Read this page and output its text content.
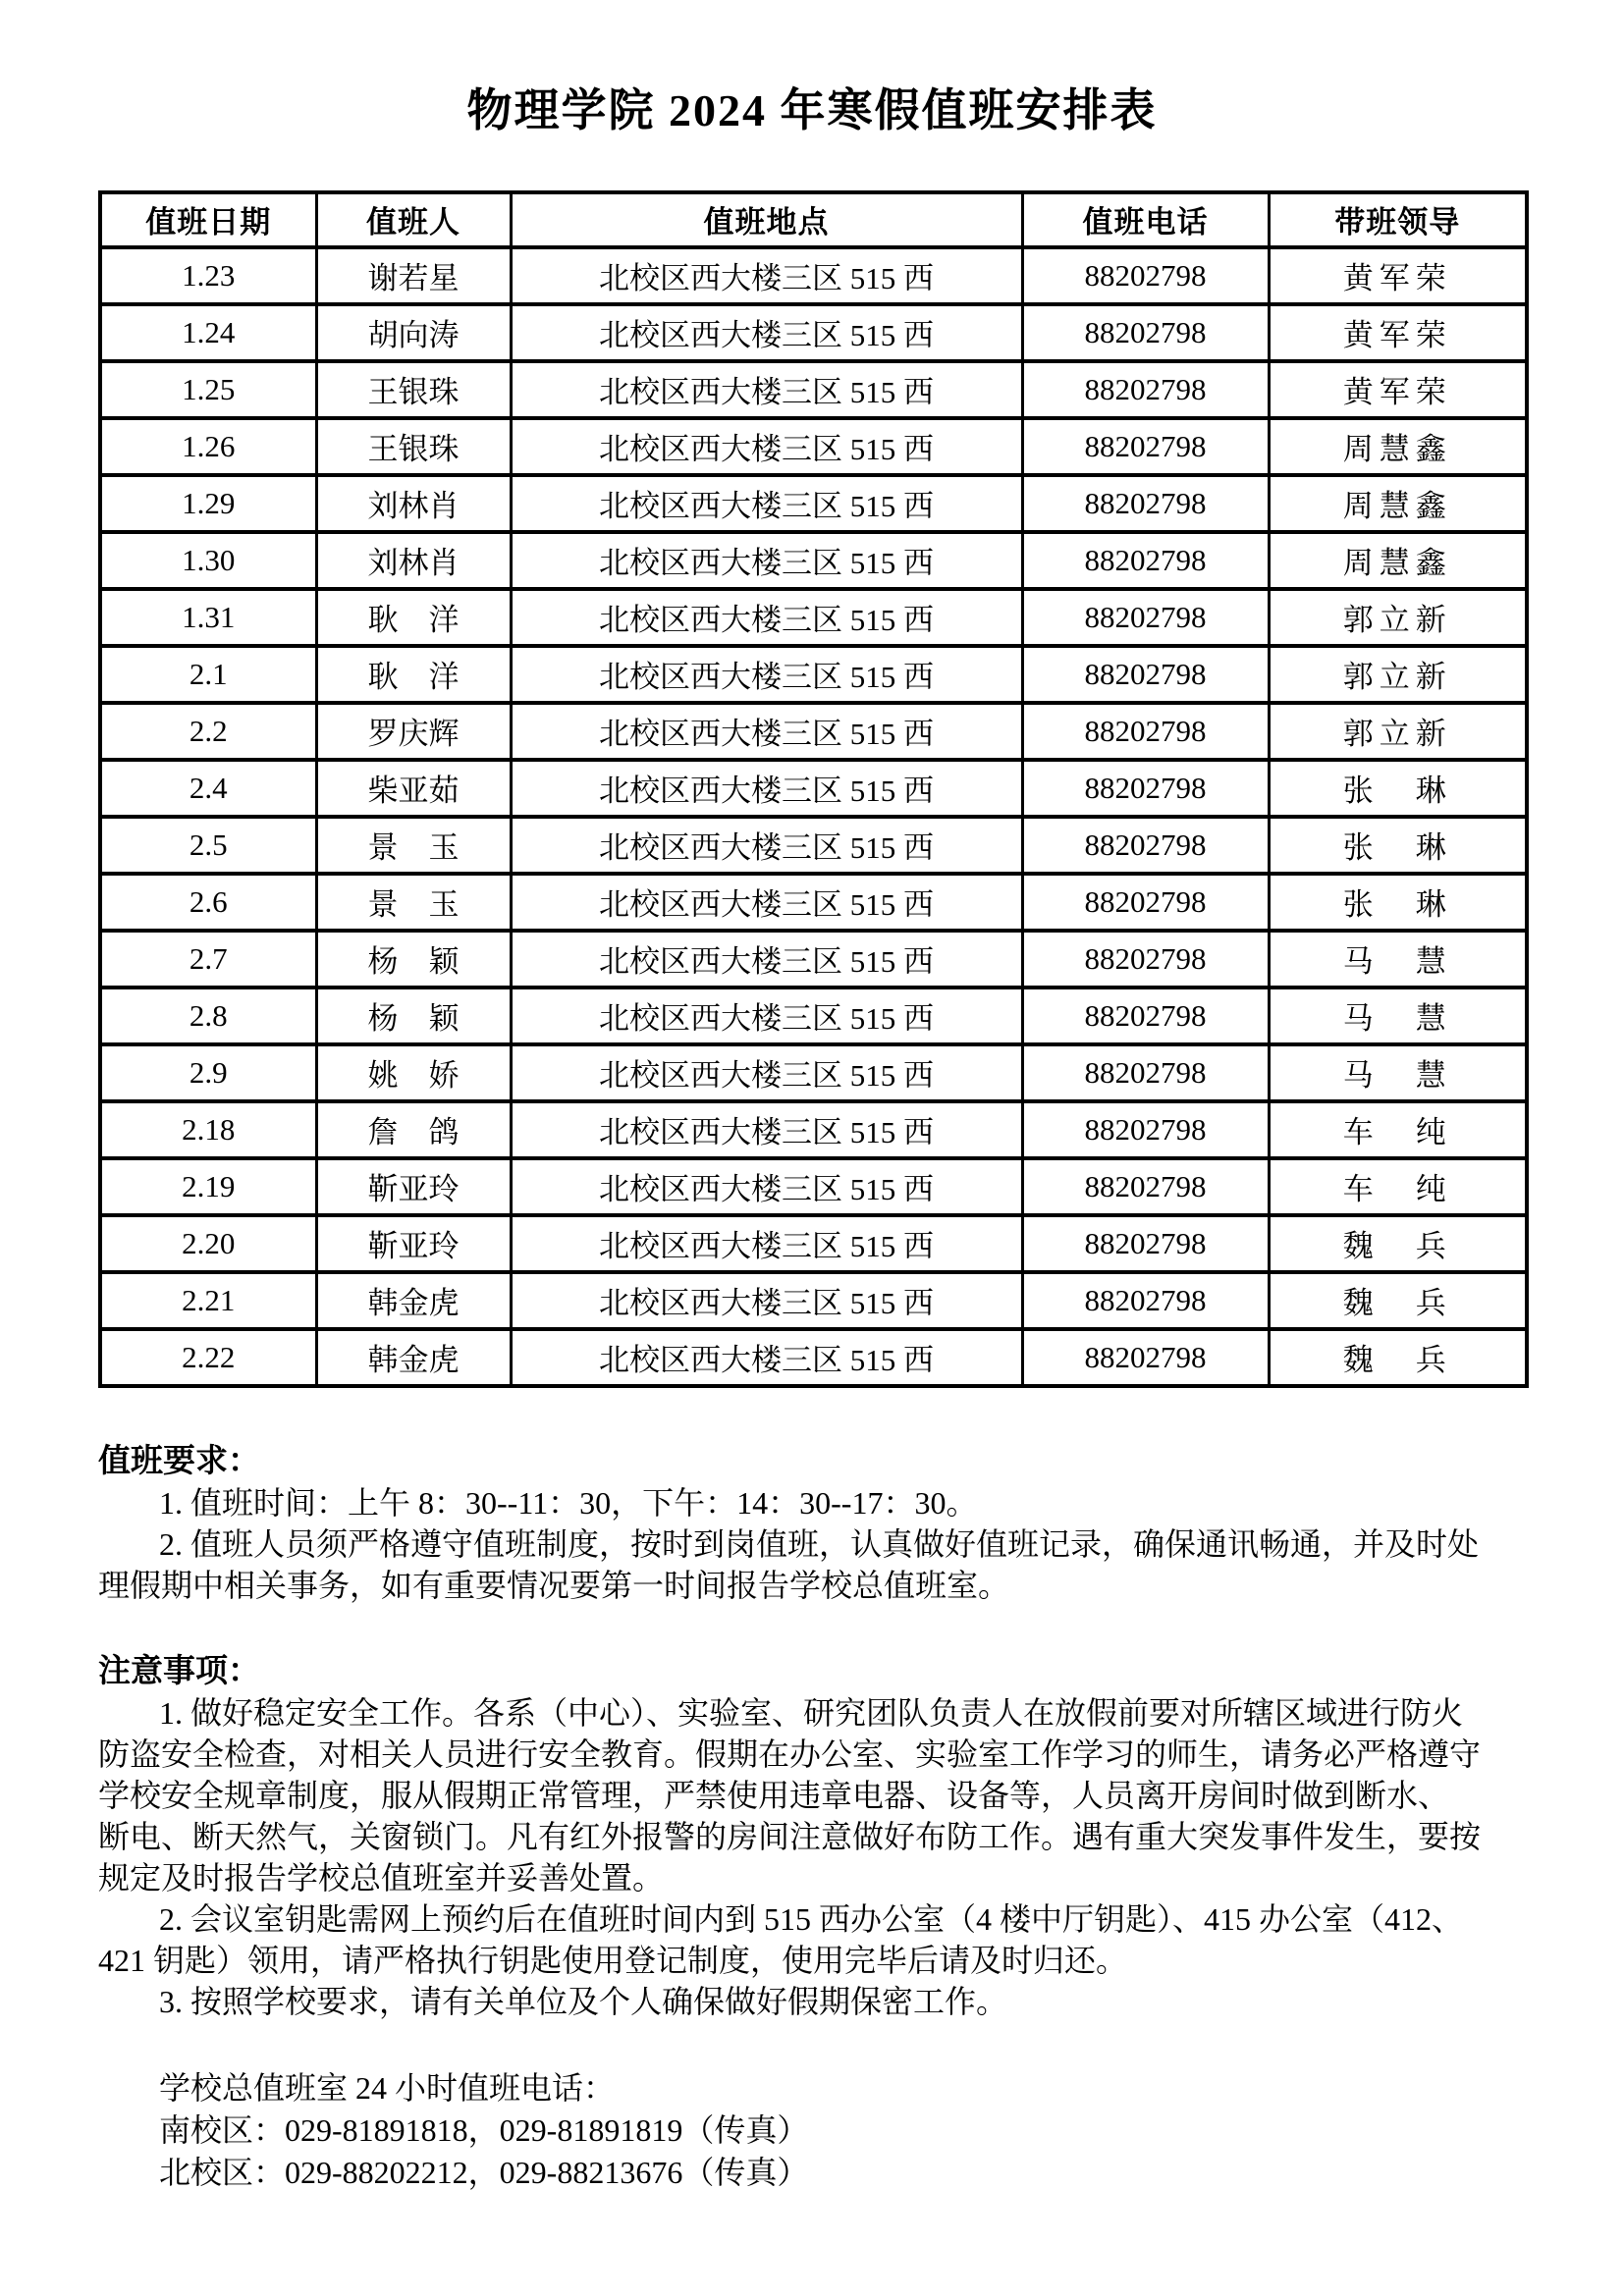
物理学院 2024 年寒假值班安排表
值班日期	值班人	值班地点	值班电话	带班领导
1.23	谢若星	北校区西大楼三区 515 西	88202798	黄军荣
1.24	胡向涛	北校区西大楼三区 515 西	88202798	黄军荣
1.25	王银珠	北校区西大楼三区 515 西	88202798	黄军荣
1.26	王银珠	北校区西大楼三区 515 西	88202798	周慧鑫
1.29	刘林肖	北校区西大楼三区 515 西	88202798	周慧鑫
1.30	刘林肖	北校区西大楼三区 515 西	88202798	周慧鑫
1.31	耿　洋	北校区西大楼三区 515 西	88202798	郭立新
2.1	耿　洋	北校区西大楼三区 515 西	88202798	郭立新
2.2	罗庆辉	北校区西大楼三区 515 西	88202798	郭立新
2.4	柴亚茹	北校区西大楼三区 515 西	88202798	张　琳
2.5	景　玉	北校区西大楼三区 515 西	88202798	张　琳
2.6	景　玉	北校区西大楼三区 515 西	88202798	张　琳
2.7	杨　颖	北校区西大楼三区 515 西	88202798	马　慧
2.8	杨　颖	北校区西大楼三区 515 西	88202798	马　慧
2.9	姚　娇	北校区西大楼三区 515 西	88202798	马　慧
2.18	詹　鸽	北校区西大楼三区 515 西	88202798	车　纯
2.19	靳亚玲	北校区西大楼三区 515 西	88202798	车　纯
2.20	靳亚玲	北校区西大楼三区 515 西	88202798	魏　兵
2.21	韩金虎	北校区西大楼三区 515 西	88202798	魏　兵
2.22	韩金虎	北校区西大楼三区 515 西	88202798	魏　兵
值班要求：
1. 值班时间：上午 8：30--11：30，下午：14：30--17：30。
2. 值班人员须严格遵守值班制度，按时到岗值班，认真做好值班记录，确保通讯畅通，并及时处
理假期中相关事务，如有重要情况要第一时间报告学校总值班室。
注意事项：
1. 做好稳定安全工作。各系（中心）、实验室、研究团队负责人在放假前要对所辖区域进行防火
防盗安全检查，对相关人员进行安全教育。假期在办公室、实验室工作学习的师生，请务必严格遵守
学校安全规章制度，服从假期正常管理，严禁使用违章电器、设备等，人员离开房间时做到断水、
断电、断天然气，关窗锁门。凡有红外报警的房间注意做好布防工作。遇有重大突发事件发生，要按
规定及时报告学校总值班室并妥善处置。
2. 会议室钥匙需网上预约后在值班时间内到 515 西办公室（4 楼中厅钥匙）、415 办公室（412、
421 钥匙）领用，请严格执行钥匙使用登记制度，使用完毕后请及时归还。
3. 按照学校要求，请有关单位及个人确保做好假期保密工作。
学校总值班室 24 小时值班电话：
南校区：029-81891818，029-81891819（传真）
北校区：029-88202212，029-88213676（传真）
